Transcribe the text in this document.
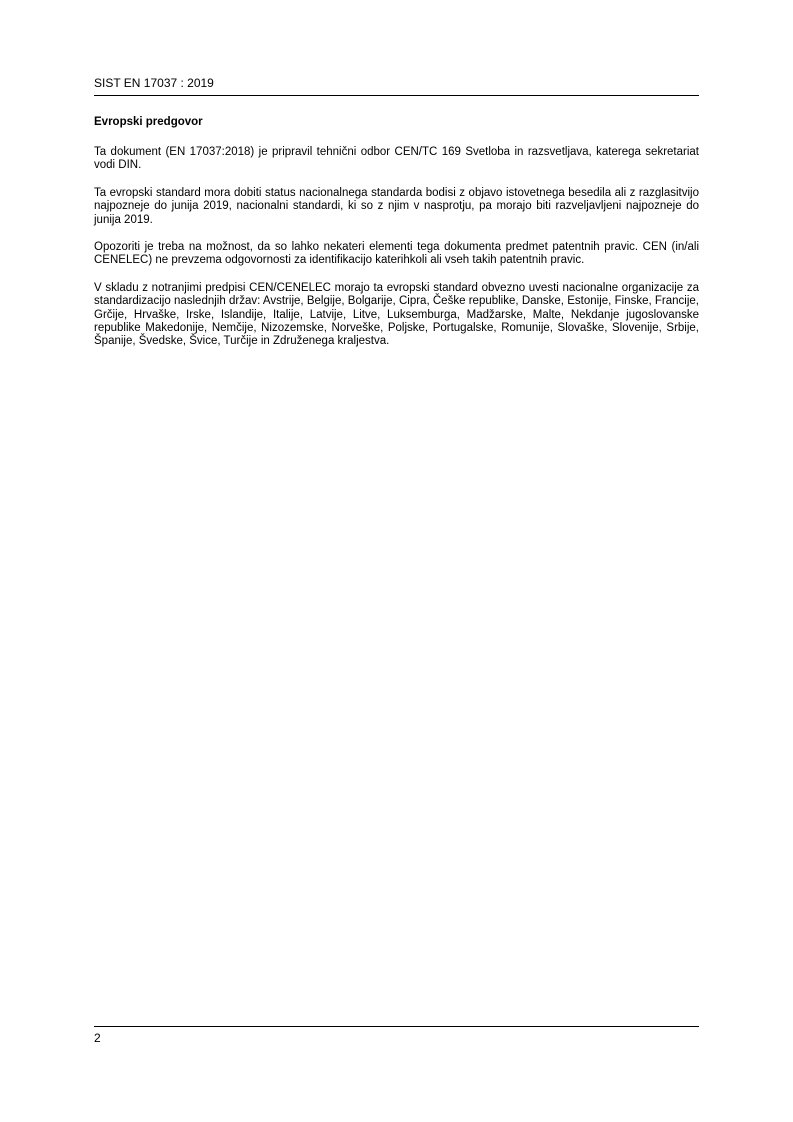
SIST EN 17037 : 2019
Evropski predgovor

Ta dokument (EN 17037:2018) je pripravil tehnični odbor CEN/TC 169 Svetloba in razsvetljava, katerega sekretariat vodi DIN.

Ta evropski standard mora dobiti status nacionalnega standarda bodisi z objavo istovetnega besedila ali z razglasitvijo najpozneje do junija 2019, nacionalni standardi, ki so z njim v nasprotju, pa morajo biti razveljavljeni najpozneje do junija 2019.

Opozoriti je treba na možnost, da so lahko nekateri elementi tega dokumenta predmet patentnih pravic. CEN (in/ali CENELEC) ne prevzema odgovornosti za identifikacijo katerihkoli ali vseh takih patentnih pravic.

V skladu z notranjimi predpisi CEN/CENELEC morajo ta evropski standard obvezno uvesti nacionalne organizacije za standardizacijo naslednjih držav: Avstrije, Belgije, Bolgarije, Cipra, Češke republike, Danske, Estonije, Finske, Francije, Grčije, Hrvaške, Irske, Islandije, Italije, Latvije, Litve, Luksemburga, Madžarske, Malte, Nekdanje jugoslovanske republike Makedonije, Nemčije, Nizozemske, Norveške, Poljske, Portugalske, Romunije, Slovaške, Slovenije, Srbije, Španije, Švedske, Švice, Turčije in Združenega kraljestva.

2
